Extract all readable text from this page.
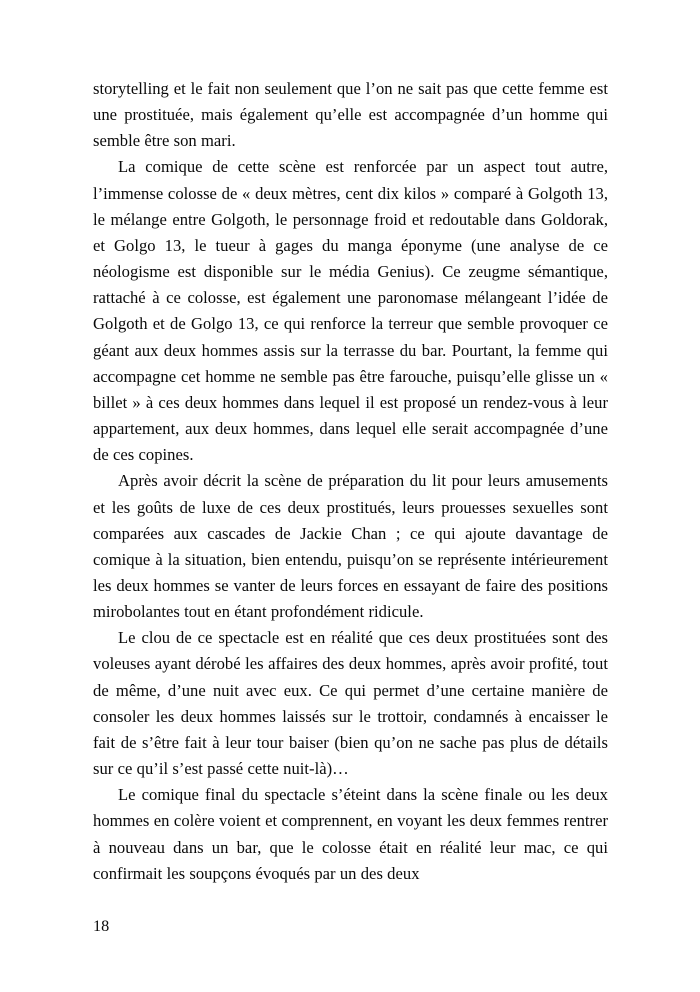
storytelling et le fait non seulement que l’on ne sait pas que cette femme est une prostituée, mais également qu’elle est accompagnée d’un homme qui semble être son mari.

La comique de cette scène est renforcée par un aspect tout autre, l’immense colosse de « deux mètres, cent dix kilos » comparé à Golgoth 13, le mélange entre Golgoth, le personnage froid et redoutable dans Goldorak, et Golgo 13, le tueur à gages du manga éponyme (une analyse de ce néologisme est disponible sur le média Genius). Ce zeugme sémantique, rattaché à ce colosse, est également une paronomase mélangeant l’idée de Golgoth et de Golgo 13, ce qui renforce la terreur que semble provoquer ce géant aux deux hommes assis sur la terrasse du bar. Pourtant, la femme qui accompagne cet homme ne semble pas être farouche, puisqu’elle glisse un « billet » à ces deux hommes dans lequel il est proposé un rendez-vous à leur appartement, aux deux hommes, dans lequel elle serait accompagnée d’une de ces copines.

Après avoir décrit la scène de préparation du lit pour leurs amusements et les goûts de luxe de ces deux prostitués, leurs prouesses sexuelles sont comparées aux cascades de Jackie Chan ; ce qui ajoute davantage de comique à la situation, bien entendu, puisqu’on se représente intérieurement les deux hommes se vanter de leurs forces en essayant de faire des positions mirobolantes tout en étant profondément ridicule.

Le clou de ce spectacle est en réalité que ces deux prostituées sont des voleuses ayant dérobé les affaires des deux hommes, après avoir profité, tout de même, d’une nuit avec eux. Ce qui permet d’une certaine manière de consoler les deux hommes laissés sur le trottoir, condamnés à encaisser le fait de s’être fait à leur tour baiser (bien qu’on ne sache pas plus de détails sur ce qu’il s’est passé cette nuit-là)…

Le comique final du spectacle s’éteint dans la scène finale ou les deux hommes en colère voient et comprennent, en voyant les deux femmes rentrer à nouveau dans un bar, que le colosse était en réalité leur mac, ce qui confirmait les soupçons évoqués par un des deux

18
